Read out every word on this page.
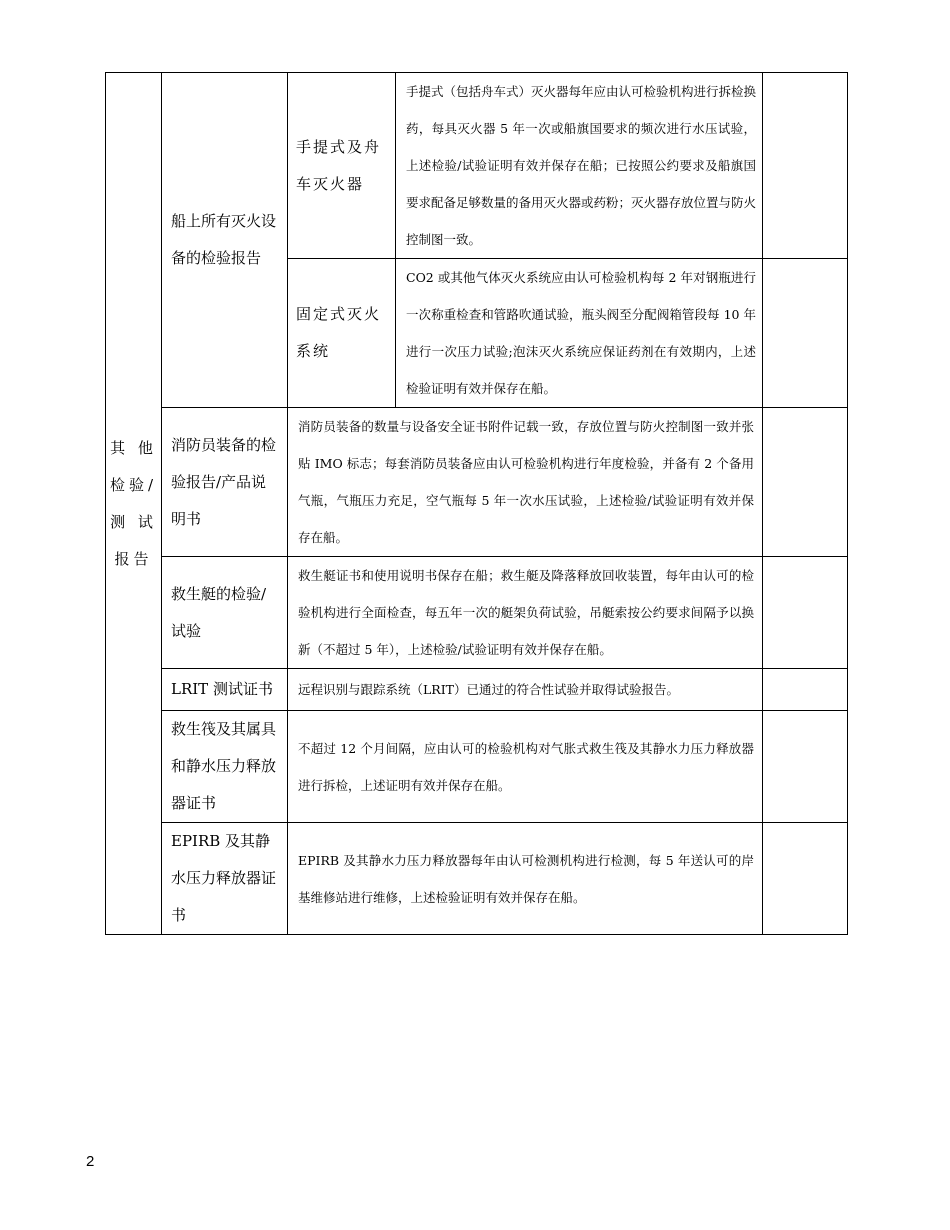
其 他 检验/ 测 试 报告	船上所有灭火设备的检验报告	手提式及舟车灭火器	手提式（包括舟车式）灭火器每年应由认可检验机构进行拆检换药，每具灭火器 5 年一次或船旗国要求的频次进行水压试验，上述检验/试验证明有效并保存在船；已按照公约要求及船旗国要求配备足够数量的备用灭火器或药粉；灭火器存放位置与防火控制图一致。	
		固定式灭火系统	CO2 或其他气体灭火系统应由认可检验机构每 2 年对钢瓶进行一次称重检查和管路吹通试验，瓶头阀至分配阀箱管段每 10 年进行一次压力试验;泡沫灭火系统应保证药剂在有效期内，上述检验证明有效并保存在船。	
	消防员装备的检验报告/产品说明书	消防员装备的数量与设备安全证书附件记载一致，存放位置与防火控制图一致并张贴 IMO 标志；每套消防员装备应由认可检验机构进行年度检验，并备有 2 个备用气瓶，气瓶压力充足，空气瓶每 5 年一次水压试验，上述检验/试验证明有效并保存在船。		
	救生艇的检验/试验	救生艇证书和使用说明书保存在船；救生艇及降落释放回收装置，每年由认可的检验机构进行全面检查，每五年一次的艇架负荷试验，吊艇索按公约要求间隔予以换新（不超过 5 年），上述检验/试验证明有效并保存在船。		
	LRIT 测试证书	远程识别与跟踪系统（LRIT）已通过的符合性试验并取得试验报告。		
	救生筏及其属具和静水压力释放器证书	不超过 12 个月间隔，应由认可的检验机构对气胀式救生筏及其静水力压力释放器进行拆检，上述证明有效并保存在船。		
	EPIRB 及其静水压力释放器证书	EPIRB 及其静水力压力释放器每年由认可检测机构进行检测，每 5 年送认可的岸基维修站进行维修，上述检验证明有效并保存在船。		
2
